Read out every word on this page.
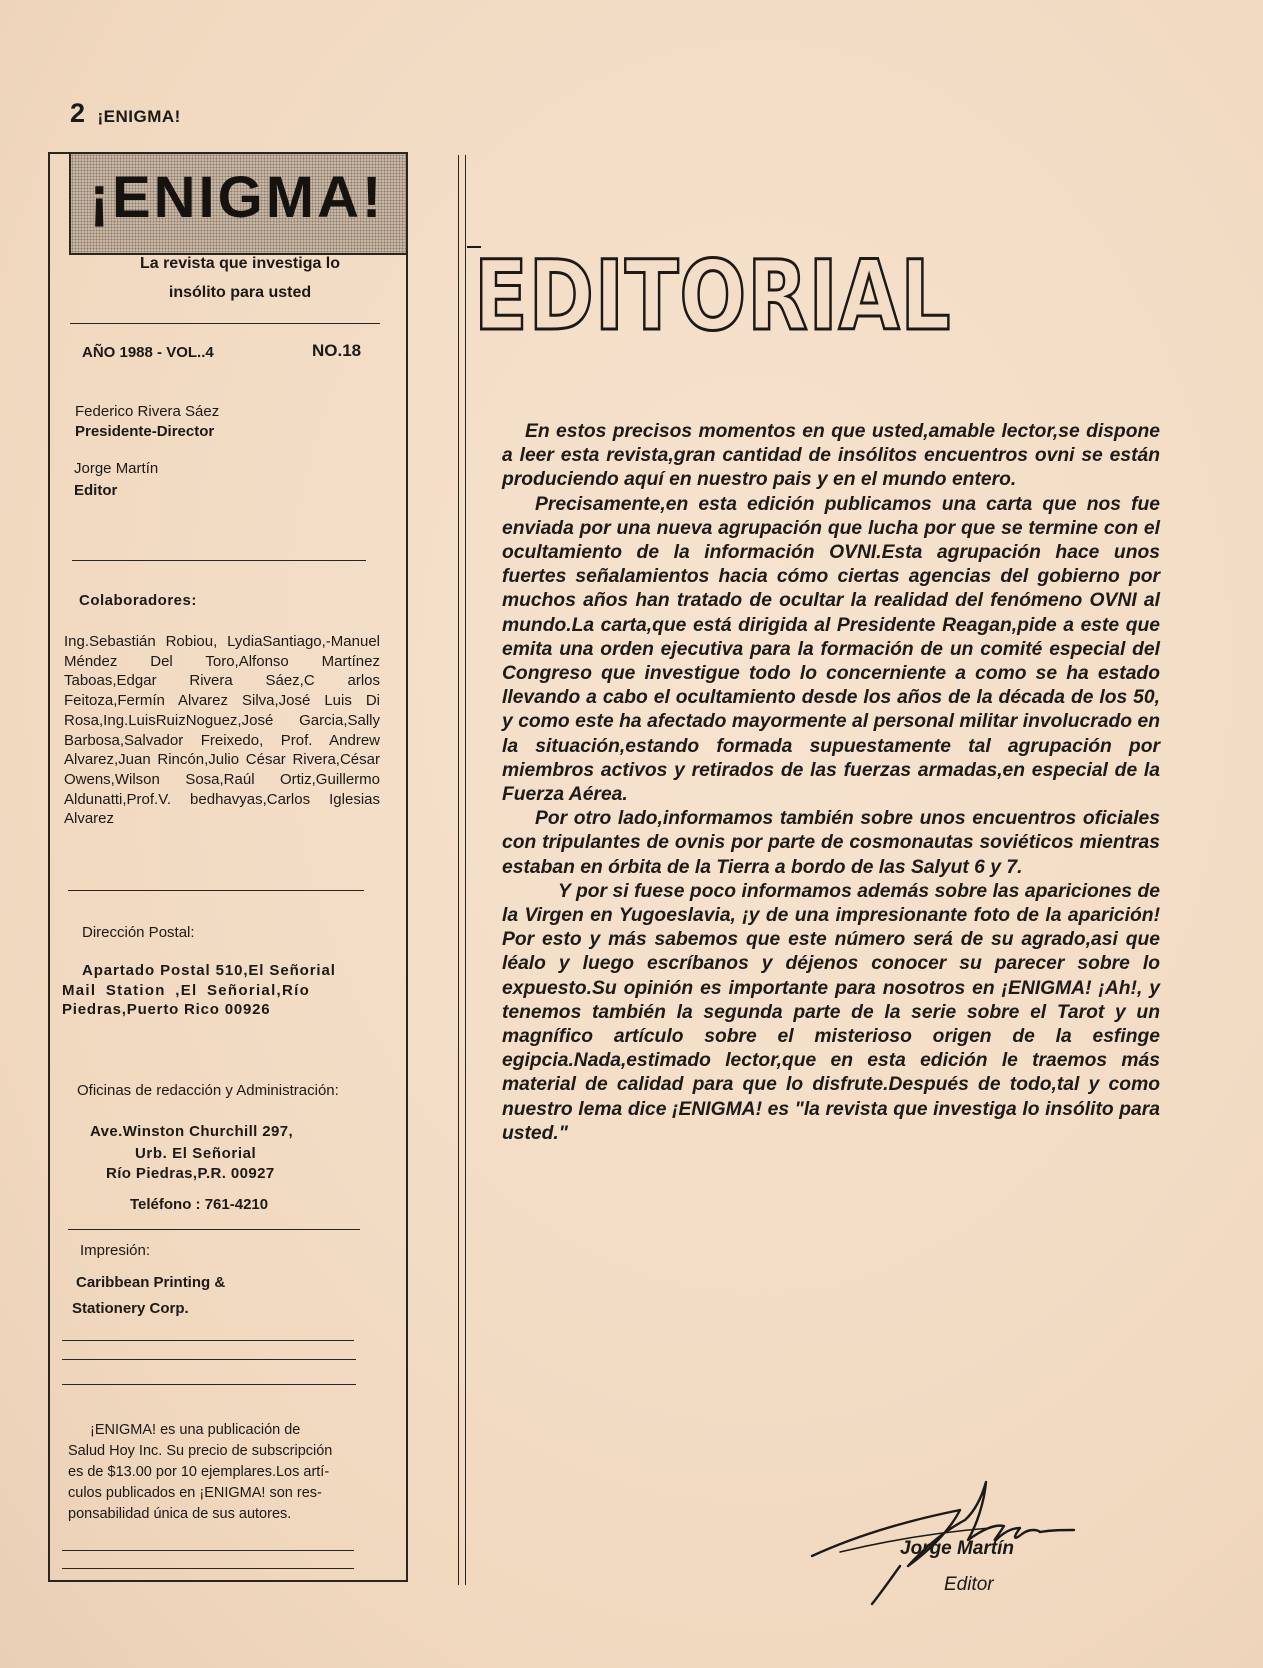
2 ¡ENIGMA!
¡ENIGMA!
La revista que investiga lo
insólito para usted
AÑO 1988 - VOL..4	NO.18
Federico Rivera Sáez
Presidente-Director
Jorge Martín
Editor
Colaboradores:
Ing.Sebastián Robiou, LydiaSantiago,-Manuel Méndez Del Toro,Alfonso Martínez Taboas,Edgar Rivera Sáez,C arlos Feitoza,Fermín Alvarez Silva,José Luis Di Rosa,Ing.LuisRuizNoguez,José Garcia,Sally Barbosa,Salvador Freixedo, Prof. Andrew Alvarez,Juan Rincón,Julio César Rivera,César Owens,Wilson Sosa,Raúl Ortiz,Guillermo Aldunatti,Prof.V. bedhavyas,Carlos Iglesias Alvarez
Dirección Postal:
Apartado Postal 510,El Señorial
Mail Station ,El Señorial,Río
Piedras,Puerto Rico 00926
Oficinas de redacción y Administración:
Ave.Winston Churchill 297,
Urb. El Señorial
Río Piedras,P.R. 00927
Teléfono : 761-4210
Impresión:
Caribbean Printing &
Stationery Corp.
¡ENIGMA! es una publicación de
Salud Hoy Inc. Su precio de subscripción
es de $13.00 por 10 ejemplares.Los artí-
culos publicados en ¡ENIGMA! son res-
ponsabilidad única de sus autores.
EDITORIAL

En estos precisos momentos en que usted,amable lector,se dispone a leer esta revista,gran cantidad de insólitos encuentros ovni se están produciendo aquí en nuestro pais y en el mundo entero.

Precisamente,en esta edición publicamos una carta que nos fue enviada por una nueva agrupación que lucha por que se termine con el ocultamiento de la información OVNI.Esta agrupación hace unos fuertes señalamientos hacia cómo ciertas agencias del gobierno por muchos años han tratado de ocultar la realidad del fenómeno OVNI al mundo.La carta,que está dirigida al Presidente Reagan,pide a este que emita una orden ejecutiva para la formación de un comité especial del Congreso que investigue todo lo concerniente a como se ha estado llevando a cabo el ocultamiento desde los años de la década de los 50, y como este ha afectado mayormente al personal militar involucrado en la situación,estando formada supuestamente tal agrupación por miembros activos y retirados de las fuerzas armadas,en especial de la Fuerza Aérea.

Por otro lado,informamos también sobre unos encuentros oficiales con tripulantes de ovnis por parte de cosmonautas soviéticos mientras estaban en órbita de la Tierra a bordo de las Salyut 6 y 7.

Y por si fuese poco informamos además sobre las apariciones de la Virgen en Yugoeslavia, ¡y de una impresionante foto de la aparición! Por esto y más sabemos que este número será de su agrado,asi que léalo y luego escríbanos y déjenos conocer su parecer sobre lo expuesto.Su opinión es importante para nosotros en ¡ENIGMA! ¡Ah!, y tenemos también la segunda parte de la serie sobre el Tarot y un magnífico artículo sobre el misterioso origen de la esfinge egipcia.Nada,estimado lector,que en esta edición le traemos más material de calidad para que lo disfrute.Después de todo,tal y como nuestro lema dice ¡ENIGMA! es "la revista que investiga lo insólito para usted."

Jorge Martín
Editor
